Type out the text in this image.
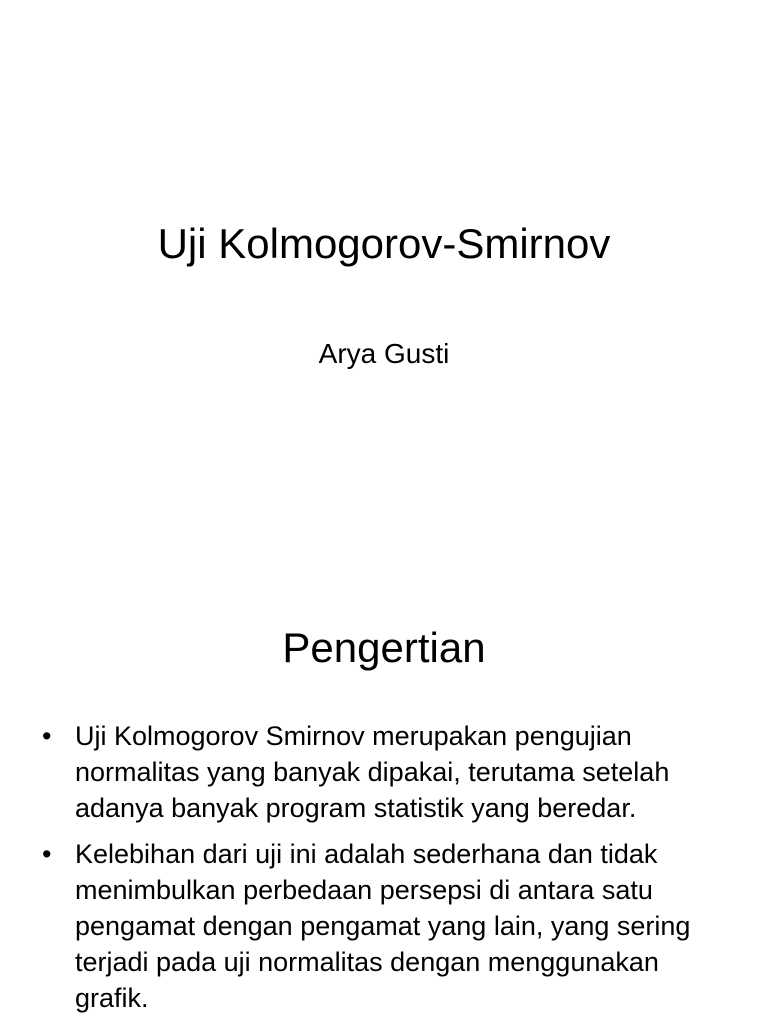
Uji Kolmogorov-Smirnov
Arya Gusti
Pengertian
• Uji Kolmogorov Smirnov merupakan pengujian normalitas yang banyak dipakai, terutama setelah adanya banyak program statistik yang beredar.
• Kelebihan dari uji ini adalah sederhana dan tidak menimbulkan perbedaan persepsi di antara satu pengamat dengan pengamat yang lain, yang sering terjadi pada uji normalitas dengan menggunakan grafik.
